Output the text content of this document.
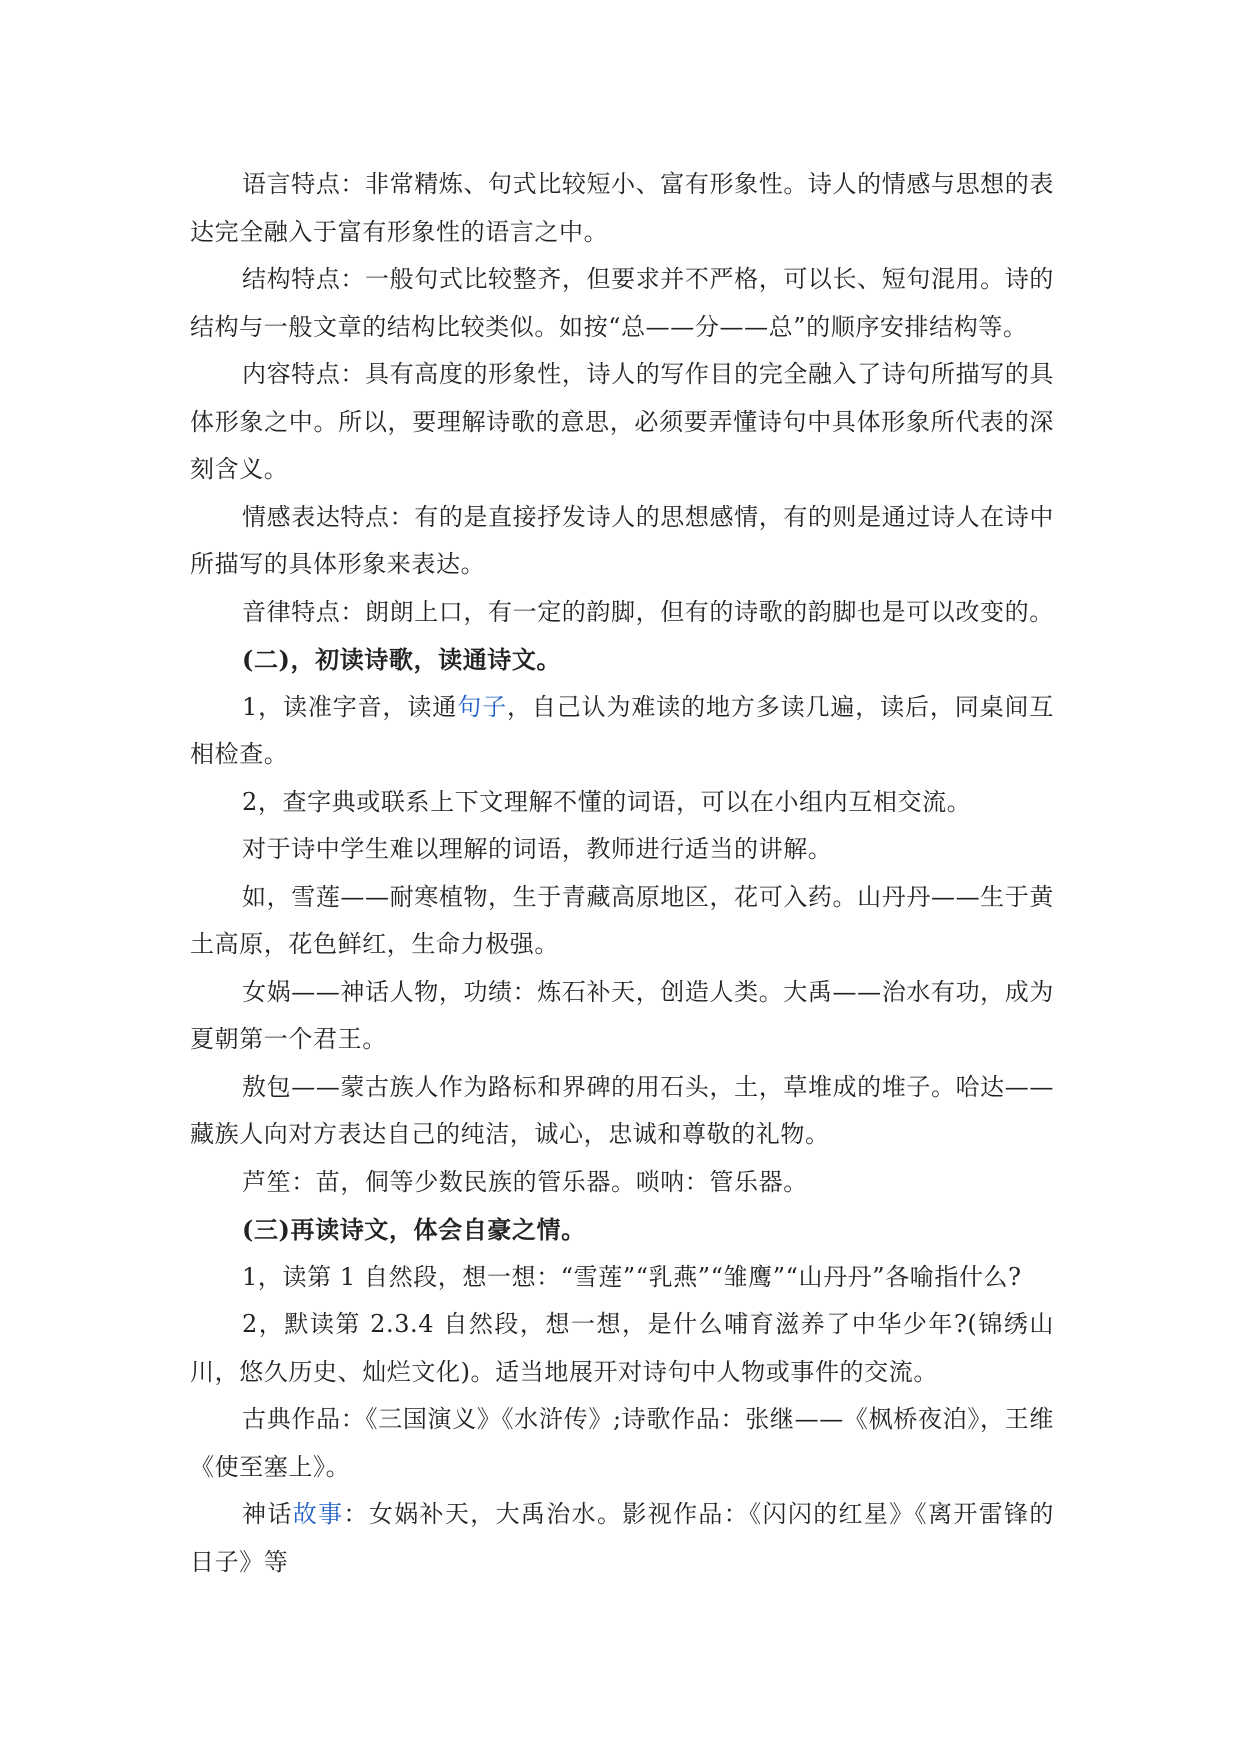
语言特点：非常精炼、句式比较短小、富有形象性。诗人的情感与思想的表达完全融入于富有形象性的语言之中。

结构特点：一般句式比较整齐，但要求并不严格，可以长、短句混用。诗的结构与一般文章的结构比较类似。如按“总——分——总”的顺序安排结构等。

内容特点：具有高度的形象性，诗人的写作目的完全融入了诗句所描写的具体形象之中。所以，要理解诗歌的意思，必须要弄懂诗句中具体形象所代表的深刻含义。

情感表达特点：有的是直接抒发诗人的思想感情，有的则是通过诗人在诗中所描写的具体形象来表达。

音律特点：朗朗上口，有一定的韵脚，但有的诗歌的韵脚也是可以改变的。

(二)，初读诗歌，读通诗文。

1，读准字音，读通句子，自己认为难读的地方多读几遍，读后，同桌间互相检查。

2，查字典或联系上下文理解不懂的词语，可以在小组内互相交流。

对于诗中学生难以理解的词语，教师进行适当的讲解。

如，雪莲——耐寒植物，生于青藏高原地区，花可入药。山丹丹——生于黄土高原，花色鲜红，生命力极强。

女娲——神话人物，功绩：炼石补天，创造人类。大禹——治水有功，成为夏朝第一个君王。

敖包——蒙古族人作为路标和界碑的用石头，土，草堆成的堆子。哈达——藏族人向对方表达自己的纯洁，诚心，忠诚和尊敬的礼物。

芦笙：苗，侗等少数民族的管乐器。唢呐：管乐器。

(三)再读诗文，体会自豪之情。

1，读第 1 自然段，想一想：“雪莲”“乳燕”“雏鹰”“山丹丹”各喻指什么?

2，默读第 2.3.4 自然段，想一想，是什么哺育滋养了中华少年?(锦绣山川，悠久历史、灿烂文化)。适当地展开对诗句中人物或事件的交流。

古典作品：《三国演义》《水浒传》;诗歌作品：张继——《枫桥夜泊》，王维《使至塞上》。

神话故事：女娲补天，大禹治水。影视作品：《闪闪的红星》《离开雷锋的日子》等
